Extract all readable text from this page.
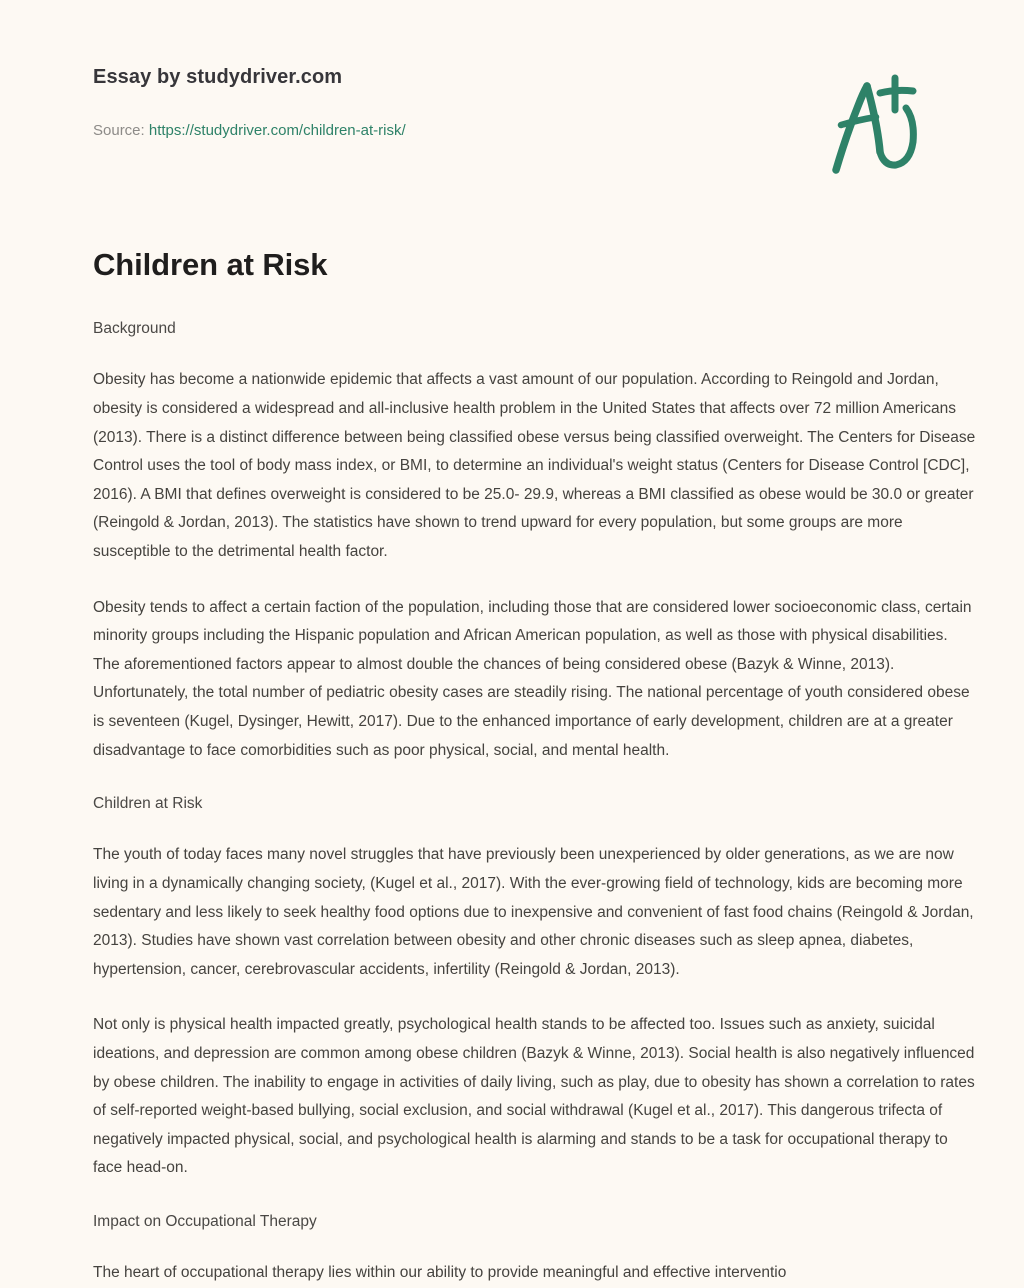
Essay by studydriver.com
Source: https://studydriver.com/children-at-risk/
Children at Risk
Background

Obesity has become a nationwide epidemic that affects a vast amount of our population. According to Reingold and Jordan, obesity is considered a widespread and all-inclusive health problem in the United States that affects over 72 million Americans (2013). There is a distinct difference between being classified obese versus being classified overweight. The Centers for Disease Control uses the tool of body mass index, or BMI, to determine an individual's weight status (Centers for Disease Control [CDC], 2016). A BMI that defines overweight is considered to be 25.0- 29.9, whereas a BMI classified as obese would be 30.0 or greater (Reingold & Jordan, 2013). The statistics have shown to trend upward for every population, but some groups are more susceptible to the detrimental health factor.

Obesity tends to affect a certain faction of the population, including those that are considered lower socioeconomic class, certain minority groups including the Hispanic population and African American population, as well as those with physical disabilities. The aforementioned factors appear to almost double the chances of being considered obese (Bazyk & Winne, 2013). Unfortunately, the total number of pediatric obesity cases are steadily rising. The national percentage of youth considered obese is seventeen (Kugel, Dysinger, Hewitt, 2017). Due to the enhanced importance of early development, children are at a greater disadvantage to face comorbidities such as poor physical, social, and mental health.

Children at Risk

The youth of today faces many novel struggles that have previously been unexperienced by older generations, as we are now living in a dynamically changing society, (Kugel et al., 2017). With the ever-growing field of technology, kids are becoming more sedentary and less likely to seek healthy food options due to inexpensive and convenient of fast food chains (Reingold & Jordan, 2013). Studies have shown vast correlation between obesity and other chronic diseases such as sleep apnea, diabetes, hypertension, cancer, cerebrovascular accidents, infertility (Reingold & Jordan, 2013).

Not only is physical health impacted greatly, psychological health stands to be affected too. Issues such as anxiety, suicidal ideations, and depression are common among obese children (Bazyk & Winne, 2013). Social health is also negatively influenced by obese children. The inability to engage in activities of daily living, such as play, due to obesity has shown a correlation to rates of self-reported weight-based bullying, social exclusion, and social withdrawal (Kugel et al., 2017). This dangerous trifecta of negatively impacted physical, social, and psychological health is alarming and stands to be a task for occupational therapy to face head-on.

Impact on Occupational Therapy

The heart of occupational therapy lies within our ability to provide meaningful and effective interventio
